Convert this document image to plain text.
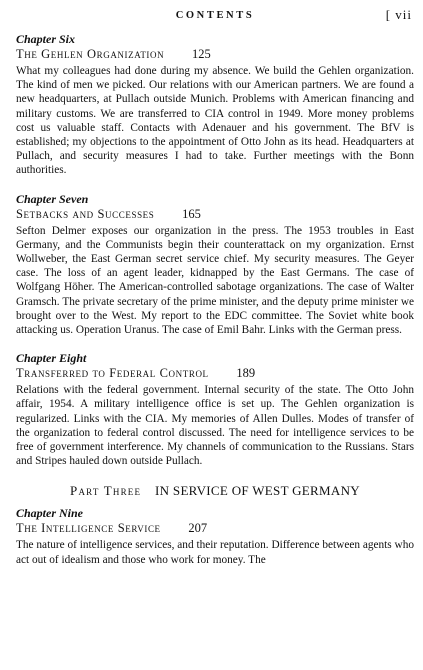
CONTENTS	[ vii
Chapter Six
The Gehlen Organization 125

What my colleagues had done during my absence. We build the Gehlen organization. The kind of men we picked. Our relations with our American partners. We are found a new headquarters, at Pullach outside Munich. Problems with American financing and military customs. We are transferred to CIA control in 1949. More money problems cost us valuable staff. Contacts with Adenauer and his government. The BfV is established; my objections to the appointment of Otto John as its head. Headquarters at Pullach, and security measures I had to take. Further meetings with the Bonn authorities.

Chapter Seven
Setbacks and Successes 165

Sefton Delmer exposes our organization in the press. The 1953 troubles in East Germany, and the Communists begin their counterattack on my organization. Ernst Wollweber, the East German secret service chief. My security measures. The Geyer case. The loss of an agent leader, kidnapped by the East Germans. The case of Wolfgang Höher. The American-controlled sabotage organizations. The case of Walter Gramsch. The private secretary of the prime minister, and the deputy prime minister we brought over to the West. My report to the EDC committee. The Soviet white book attacking us. Operation Uranus. The case of Emil Bahr. Links with the German press.

Chapter Eight
Transferred to Federal Control 189

Relations with the federal government. Internal security of the state. The Otto John affair, 1954. A military intelligence office is set up. The Gehlen organization is regularized. Links with the CIA. My memories of Allen Dulles. Modes of transfer of the organization to federal control discussed. The need for intelligence services to be free of government interference. My channels of communication to the Russians. Stars and Stripes hauled down outside Pullach.

Part Three IN SERVICE OF WEST GERMANY
Chapter Nine
The Intelligence Service 207

The nature of intelligence services, and their reputation. Difference between agents who act out of idealism and those who work for money. The
